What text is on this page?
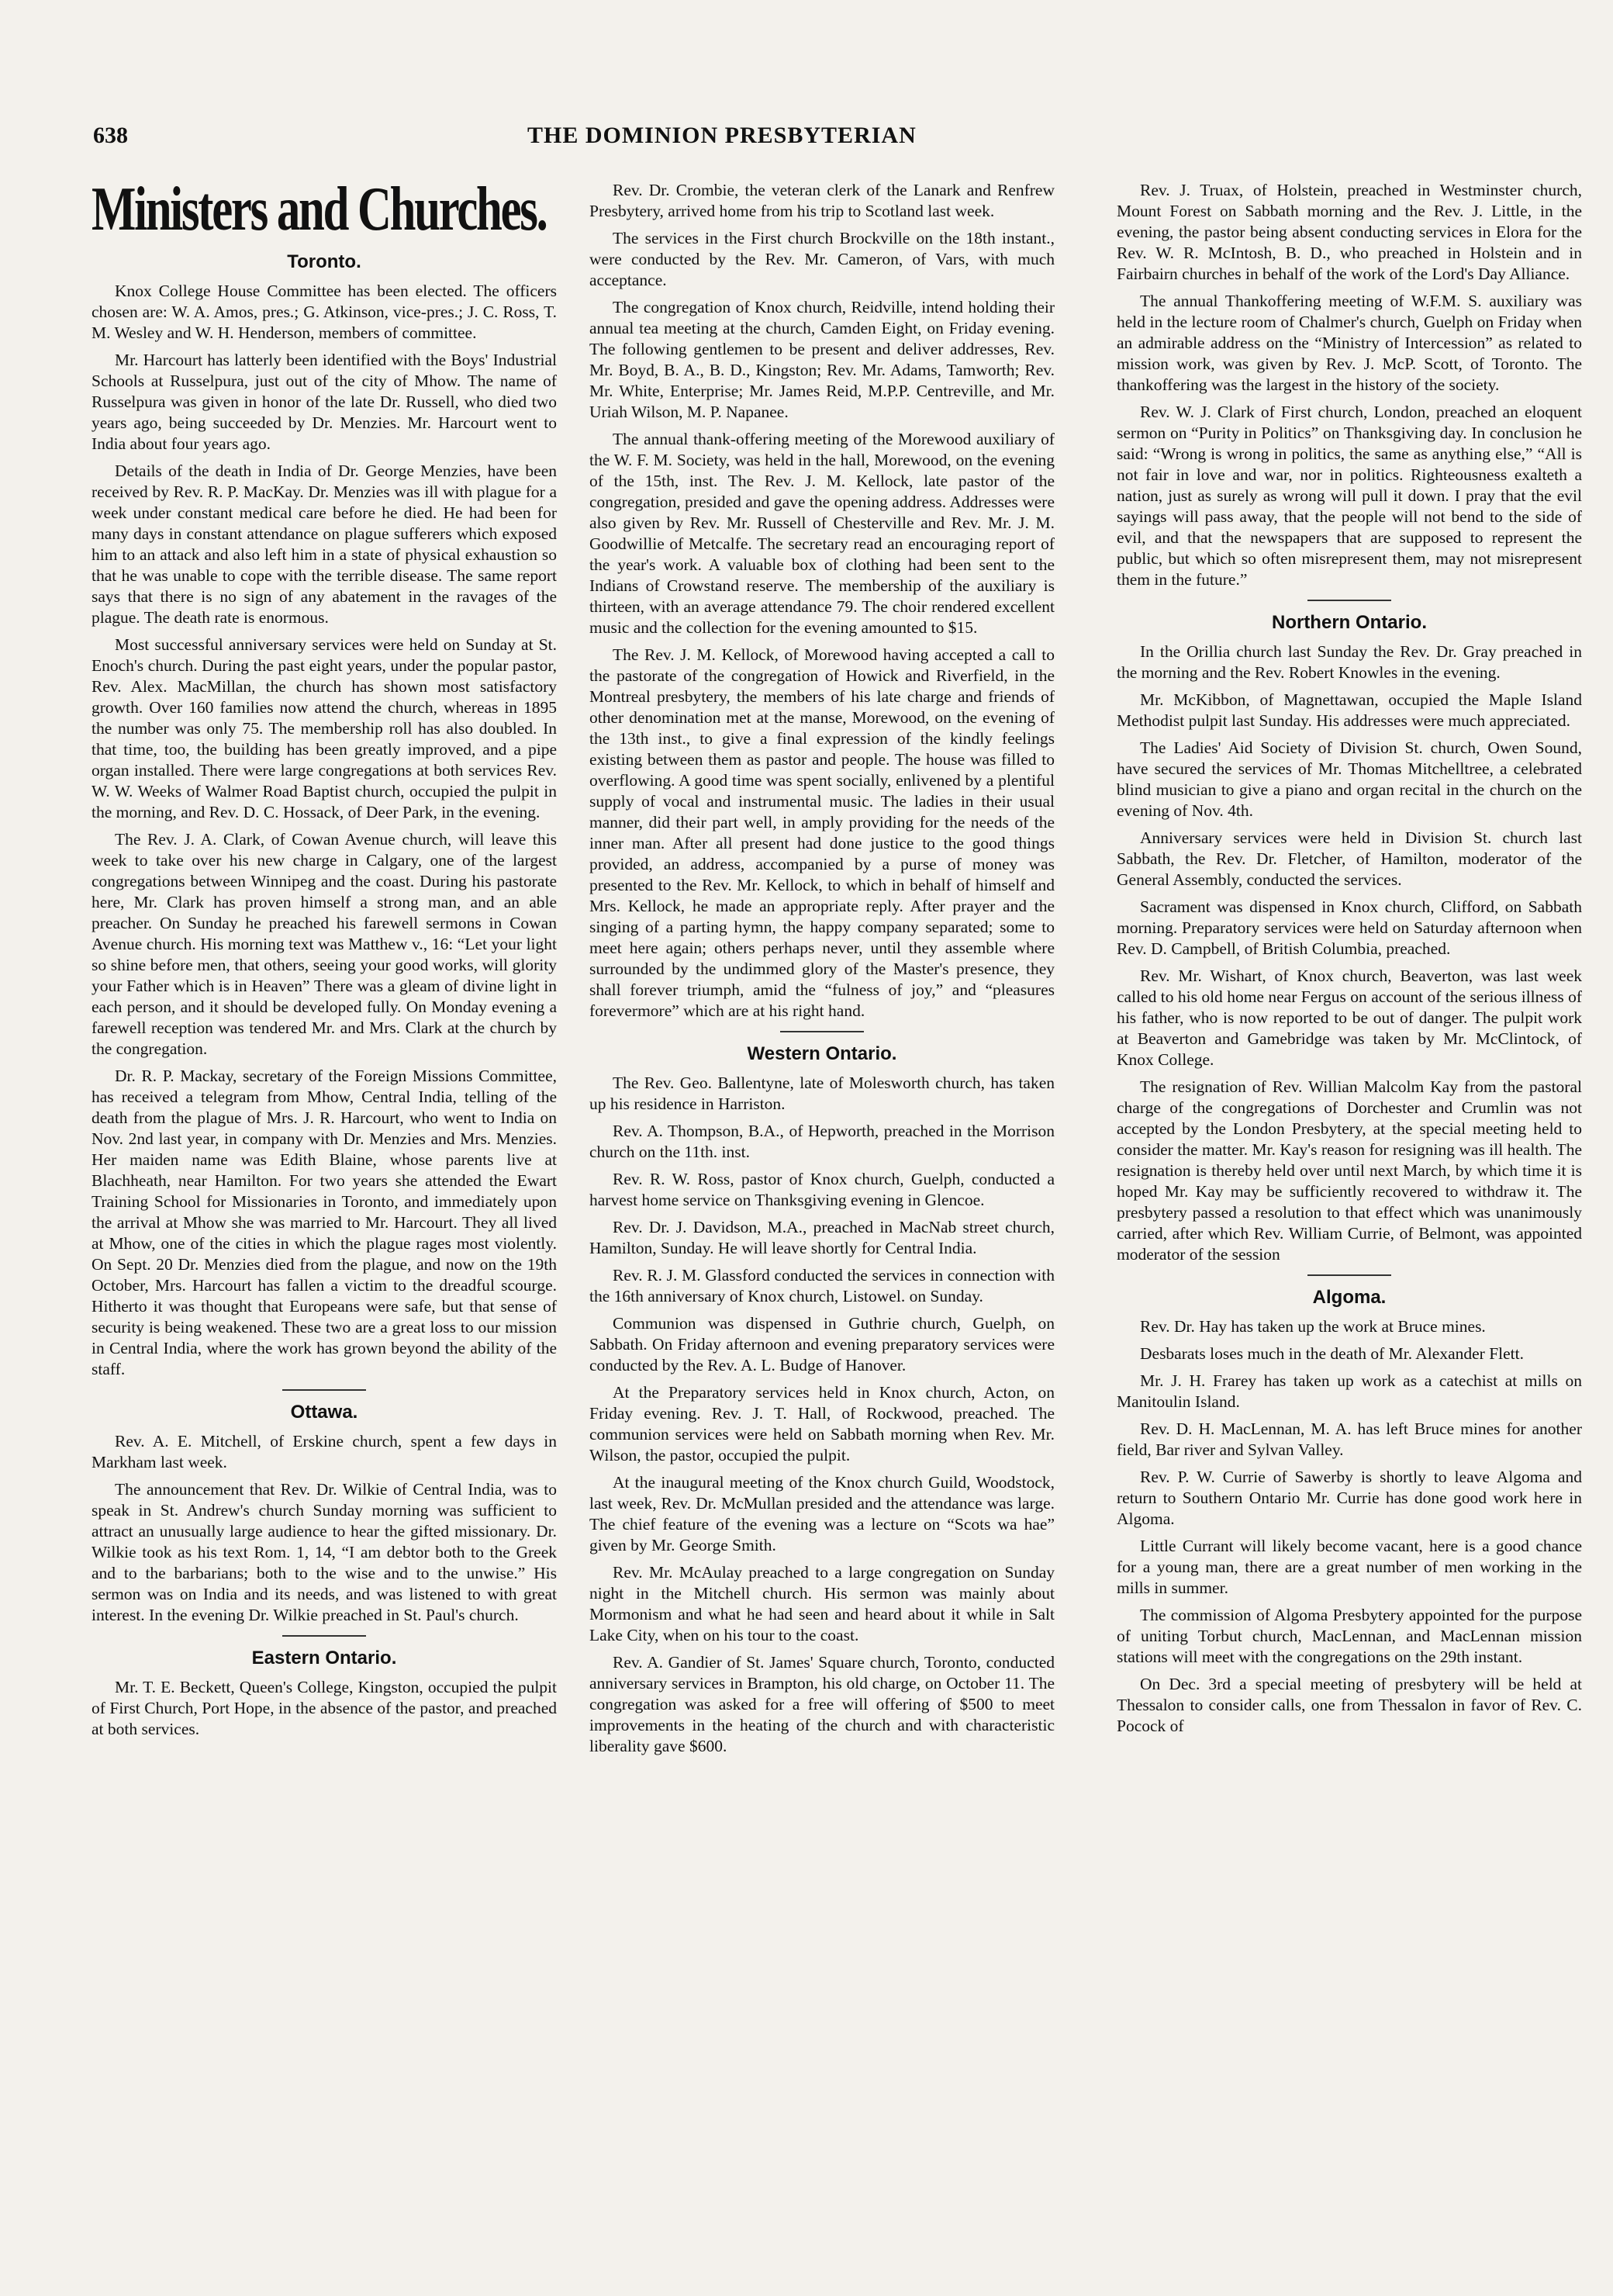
638	THE DOMINION PRESBYTERIAN
Ministers and Churches.
Toronto.

Knox College House Committee has been elected. The officers chosen are: W. A. Amos, pres.; G. Atkinson, vice-pres.; J. C. Ross, T. M. Wesley and W. H. Henderson, members of committee.

Mr. Harcourt has latterly been identified with the Boys' Industrial Schools at Russelpura, just out of the city of Mhow. The name of Russelpura was given in honor of the late Dr. Russell, who died two years ago, being succeeded by Dr. Menzies. Mr. Harcourt went to India about four years ago.

Details of the death in India of Dr. George Menzies, have been received by Rev. R. P. MacKay. Dr. Menzies was ill with plague for a week under constant medical care before he died. He had been for many days in constant attendance on plague sufferers which exposed him to an attack and also left him in a state of physical exhaustion so that he was unable to cope with the terrible disease. The same report says that there is no sign of any abatement in the ravages of the plague. The death rate is enormous.

Most successful anniversary services were held on Sunday at St. Enoch's church. During the past eight years, under the popular pastor, Rev. Alex. MacMillan, the church has shown most satisfactory growth. Over 160 families now attend the church, whereas in 1895 the number was only 75. The membership roll has also doubled. In that time, too, the building has been greatly improved, and a pipe organ installed. There were large congregations at both services Rev. W. W. Weeks of Walmer Road Baptist church, occupied the pulpit in the morning, and Rev. D. C. Hossack, of Deer Park, in the evening.

The Rev. J. A. Clark, of Cowan Avenue church, will leave this week to take over his new charge in Calgary, one of the largest congregations between Winnipeg and the coast. During his pastorate here, Mr. Clark has proven himself a strong man, and an able preacher. On Sunday he preached his farewell sermons in Cowan Avenue church. His morning text was Matthew v., 16: “Let your light so shine before men, that others, seeing your good works, will glority your Father which is in Heaven” There was a gleam of divine light in each person, and it should be developed fully. On Monday evening a farewell reception was tendered Mr. and Mrs. Clark at the church by the congregation.

Dr. R. P. Mackay, secretary of the Foreign Missions Committee, has received a telegram from Mhow, Central India, telling of the death from the plague of Mrs. J. R. Harcourt, who went to India on Nov. 2nd last year, in company with Dr. Menzies and Mrs. Menzies. Her maiden name was Edith Blaine, whose parents live at Blachheath, near Hamilton. For two years she attended the Ewart Training School for Missionaries in Toronto, and immediately upon the arrival at Mhow she was married to Mr. Harcourt. They all lived at Mhow, one of the cities in which the plague rages most violently. On Sept. 20 Dr. Menzies died from the plague, and now on the 19th October, Mrs. Harcourt has fallen a victim to the dreadful scourge. Hitherto it was thought that Europeans were safe, but that sense of security is being weakened. These two are a great loss to our mission in Central India, where the work has grown beyond the ability of the staff.

Ottawa.

Rev. A. E. Mitchell, of Erskine church, spent a few days in Markham last week.

The announcement that Rev. Dr. Wilkie of Central India, was to speak in St. Andrew's church Sunday morning was sufficient to attract an unusually large audience to hear the gifted missionary. Dr. Wilkie took as his text Rom. 1, 14, “I am debtor both to the Greek and to the barbarians; both to the wise and to the unwise.” His sermon was on India and its needs, and was listened to with great interest. In the evening Dr. Wilkie preached in St. Paul's church.

Eastern Ontario.

Mr. T. E. Beckett, Queen's College, Kingston, occupied the pulpit of First Church, Port Hope, in the absence of the pastor, and preached at both services.

Rev. Dr. Crombie, the veteran clerk of the Lanark and Renfrew Presbytery, arrived home from his trip to Scotland last week.

The services in the First church Brockville on the 18th instant., were conducted by the Rev. Mr. Cameron, of Vars, with much acceptance.

The congregation of Knox church, Reidville, intend holding their annual tea meeting at the church, Camden Eight, on Friday evening. The following gentlemen to be present and deliver addresses, Rev. Mr. Boyd, B. A., B. D., Kingston; Rev. Mr. Adams, Tamworth; Rev. Mr. White, Enterprise; Mr. James Reid, M.P.P. Centreville, and Mr. Uriah Wilson, M. P. Napanee.

The annual thank-offering meeting of the Morewood auxiliary of the W. F. M. Society, was held in the hall, Morewood, on the evening of the 15th, inst. The Rev. J. M. Kellock, late pastor of the congregation, presided and gave the opening address. Addresses were also given by Rev. Mr. Russell of Chesterville and Rev. Mr. J. M. Goodwillie of Metcalfe. The secretary read an encouraging report of the year's work. A valuable box of clothing had been sent to the Indians of Crowstand reserve. The membership of the auxiliary is thirteen, with an average attendance 79. The choir rendered excellent music and the collection for the evening amounted to $15.

The Rev. J. M. Kellock, of Morewood having accepted a call to the pastorate of the congregation of Howick and Riverfield, in the Montreal presbytery, the members of his late charge and friends of other denomination met at the manse, Morewood, on the evening of the 13th inst., to give a final expression of the kindly feelings existing between them as pastor and people. The house was filled to overflowing. A good time was spent socially, enlivened by a plentiful supply of vocal and instrumental music. The ladies in their usual manner, did their part well, in amply providing for the needs of the inner man. After all present had done justice to the good things provided, an address, accompanied by a purse of money was presented to the Rev. Mr. Kellock, to which in behalf of himself and Mrs. Kellock, he made an appropriate reply. After prayer and the singing of a parting hymn, the happy company separated; some to meet here again; others perhaps never, until they assemble where surrounded by the undimmed glory of the Master's presence, they shall forever triumph, amid the “fulness of joy,” and “pleasures forevermore” which are at his right hand.

Western Ontario.

The Rev. Geo. Ballentyne, late of Molesworth church, has taken up his residence in Harriston.

Rev. A. Thompson, B.A., of Hepworth, preached in the Morrison church on the 11th. inst.

Rev. R. W. Ross, pastor of Knox church, Guelph, conducted a harvest home service on Thanksgiving evening in Glencoe.

Rev. Dr. J. Davidson, M.A., preached in MacNab street church, Hamilton, Sunday. He will leave shortly for Central India.

Rev. R. J. M. Glassford conducted the services in connection with the 16th anniversary of Knox church, Listowel. on Sunday.

Communion was dispensed in Guthrie church, Guelph, on Sabbath. On Friday afternoon and evening preparatory services were conducted by the Rev. A. L. Budge of Hanover.

At the Preparatory services held in Knox church, Acton, on Friday evening. Rev. J. T. Hall, of Rockwood, preached. The communion services were held on Sabbath morning when Rev. Mr. Wilson, the pastor, occupied the pulpit.

At the inaugural meeting of the Knox church Guild, Woodstock, last week, Rev. Dr. McMullan presided and the attendance was large. The chief feature of the evening was a lecture on “Scots wa hae” given by Mr. George Smith.

Rev. Mr. McAulay preached to a large congregation on Sunday night in the Mitchell church. His sermon was mainly about Mormonism and what he had seen and heard about it while in Salt Lake City, when on his tour to the coast.

Rev. A. Gandier of St. James' Square church, Toronto, conducted anniversary services in Brampton, his old charge, on October 11. The congregation was asked for a free will offering of $500 to meet improvements in the heating of the church and with characteristic liberality gave $600.

Rev. J. Truax, of Holstein, preached in Westminster church, Mount Forest on Sabbath morning and the Rev. J. Little, in the evening, the pastor being absent conducting services in Elora for the Rev. W. R. McIntosh, B. D., who preached in Holstein and in Fairbairn churches in behalf of the work of the Lord's Day Alliance.

The annual Thankoffering meeting of W.F.M. S. auxiliary was held in the lecture room of Chalmer's church, Guelph on Friday when an admirable address on the “Ministry of Intercession” as related to mission work, was given by Rev. J. McP. Scott, of Toronto. The thankoffering was the largest in the history of the society.

Rev. W. J. Clark of First church, London, preached an eloquent sermon on “Purity in Politics” on Thanksgiving day. In conclusion he said: “Wrong is wrong in politics, the same as anything else,” “All is not fair in love and war, nor in politics. Righteousness exalteth a nation, just as surely as wrong will pull it down. I pray that the evil sayings will pass away, that the people will not bend to the side of evil, and that the newspapers that are supposed to represent the public, but which so often misrepresent them, may not misrepresent them in the future.”

Northern Ontario.

In the Orillia church last Sunday the Rev. Dr. Gray preached in the morning and the Rev. Robert Knowles in the evening.

Mr. McKibbon, of Magnettawan, occupied the Maple Island Methodist pulpit last Sunday. His addresses were much appreciated.

The Ladies' Aid Society of Division St. church, Owen Sound, have secured the services of Mr. Thomas Mitchelltree, a celebrated blind musician to give a piano and organ recital in the church on the evening of Nov. 4th.

Anniversary services were held in Division St. church last Sabbath, the Rev. Dr. Fletcher, of Hamilton, moderator of the General Assembly, conducted the services.

Sacrament was dispensed in Knox church, Clifford, on Sabbath morning. Preparatory services were held on Saturday afternoon when Rev. D. Campbell, of British Columbia, preached.

Rev. Mr. Wishart, of Knox church, Beaverton, was last week called to his old home near Fergus on account of the serious illness of his father, who is now reported to be out of danger. The pulpit work at Beaverton and Gamebridge was taken by Mr. McClintock, of Knox College.

The resignation of Rev. Willian Malcolm Kay from the pastoral charge of the congregations of Dorchester and Crumlin was not accepted by the London Presbytery, at the special meeting held to consider the matter. Mr. Kay's reason for resigning was ill health. The resignation is thereby held over until next March, by which time it is hoped Mr. Kay may be sufficiently recovered to withdraw it. The presbytery passed a resolution to that effect which was unanimously carried, after which Rev. William Currie, of Belmont, was appointed moderator of the session

Algoma.

Rev. Dr. Hay has taken up the work at Bruce mines.

Desbarats loses much in the death of Mr. Alexander Flett.

Mr. J. H. Frarey has taken up work as a catechist at mills on Manitoulin Island.

Rev. D. H. MacLennan, M. A. has left Bruce mines for another field, Bar river and Sylvan Valley.

Rev. P. W. Currie of Sawerby is shortly to leave Algoma and return to Southern Ontario Mr. Currie has done good work here in Algoma.

Little Currant will likely become vacant, here is a good chance for a young man, there are a great number of men working in the mills in summer.

The commission of Algoma Presbytery appointed for the purpose of uniting Torbut church, MacLennan, and MacLennan mission stations will meet with the congregations on the 29th instant.

On Dec. 3rd a special meeting of presbytery will be held at Thessalon to consider calls, one from Thessalon in favor of Rev. C. Pocock of
